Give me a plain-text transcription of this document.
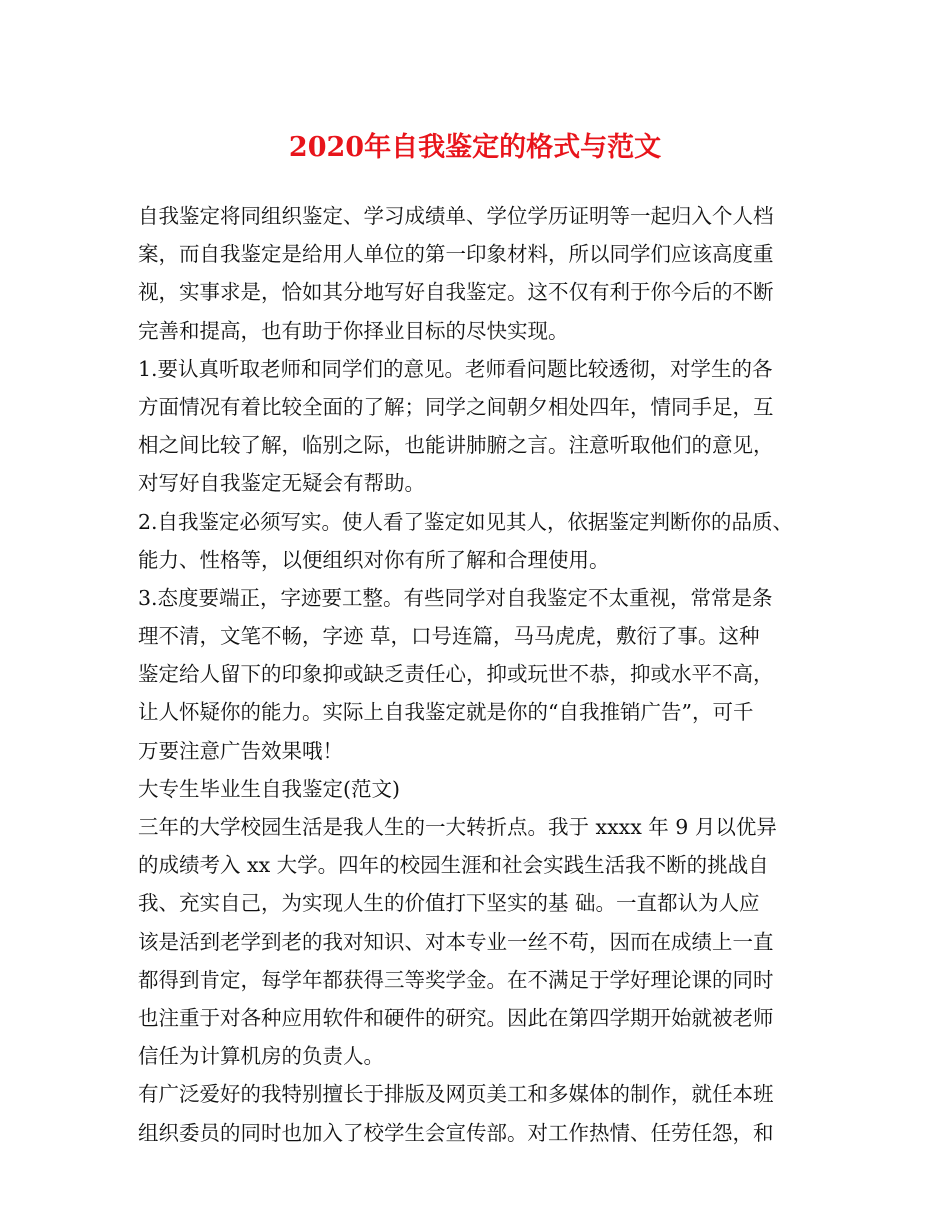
2020年自我鉴定的格式与范文
自我鉴定将同组织鉴定、学习成绩单、学位学历证明等一起归入个人档
案，而自我鉴定是给用人单位的第一印象材料，所以同学们应该高度重
视，实事求是，恰如其分地写好自我鉴定。这不仅有利于你今后的不断
完善和提高，也有助于你择业目标的尽快实现。
1.要认真听取老师和同学们的意见。老师看问题比较透彻，对学生的各
方面情况有着比较全面的了解；同学之间朝夕相处四年，情同手足，互
相之间比较了解，临别之际，也能讲肺腑之言。注意听取他们的意见，
对写好自我鉴定无疑会有帮助。
2.自我鉴定必须写实。使人看了鉴定如见其人，依据鉴定判断你的品质、
能力、性格等，以便组织对你有所了解和合理使用。
3.态度要端正，字迹要工整。有些同学对自我鉴定不太重视，常常是条
理不清，文笔不畅，字迹 草，口号连篇，马马虎虎，敷衍了事。这种
鉴定给人留下的印象抑或缺乏责任心，抑或玩世不恭，抑或水平不高，
让人怀疑你的能力。实际上自我鉴定就是你的“自我推销广告”，可千
万要注意广告效果哦！
大专生毕业生自我鉴定(范文)
三年的大学校园生活是我人生的一大转折点。我于 xxxx 年 9 月以优异
的成绩考入 xx 大学。四年的校园生涯和社会实践生活我不断的挑战自
我、充实自己，为实现人生的价值打下坚实的基 础。一直都认为人应
该是活到老学到老的我对知识、对本专业一丝不苟，因而在成绩上一直
都得到肯定，每学年都获得三等奖学金。在不满足于学好理论课的同时
也注重于对各种应用软件和硬件的研究。因此在第四学期开始就被老师
信任为计算机房的负责人。
有广泛爱好的我特别擅长于排版及网页美工和多媒体的制作，就任本班
组织委员的同时也加入了校学生会宣传部。对工作热情、任劳任怨，和
